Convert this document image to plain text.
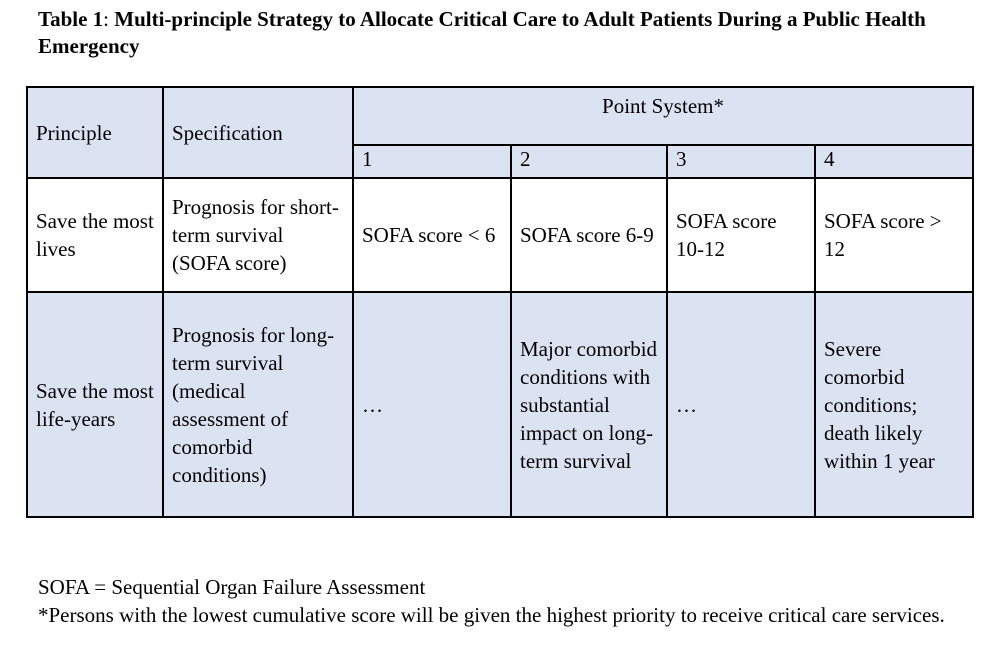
Table 1: Multi-principle Strategy to Allocate Critical Care to Adult Patients During a Public Health Emergency
Principle	Specification	Point System*			
		1	2	3	4
Save the most lives	Prognosis for short-term survival (SOFA score)	SOFA score < 6	SOFA score 6-9	SOFA score 10-12	SOFA score > 12
Save the most life-years	Prognosis for long-term survival (medical assessment of comorbid conditions)	…	Major comorbid conditions with substantial impact on long-term survival	…	Severe comorbid conditions; death likely within 1 year

SOFA = Sequential Organ Failure Assessment

*Persons with the lowest cumulative score will be given the highest priority to receive critical care services.
